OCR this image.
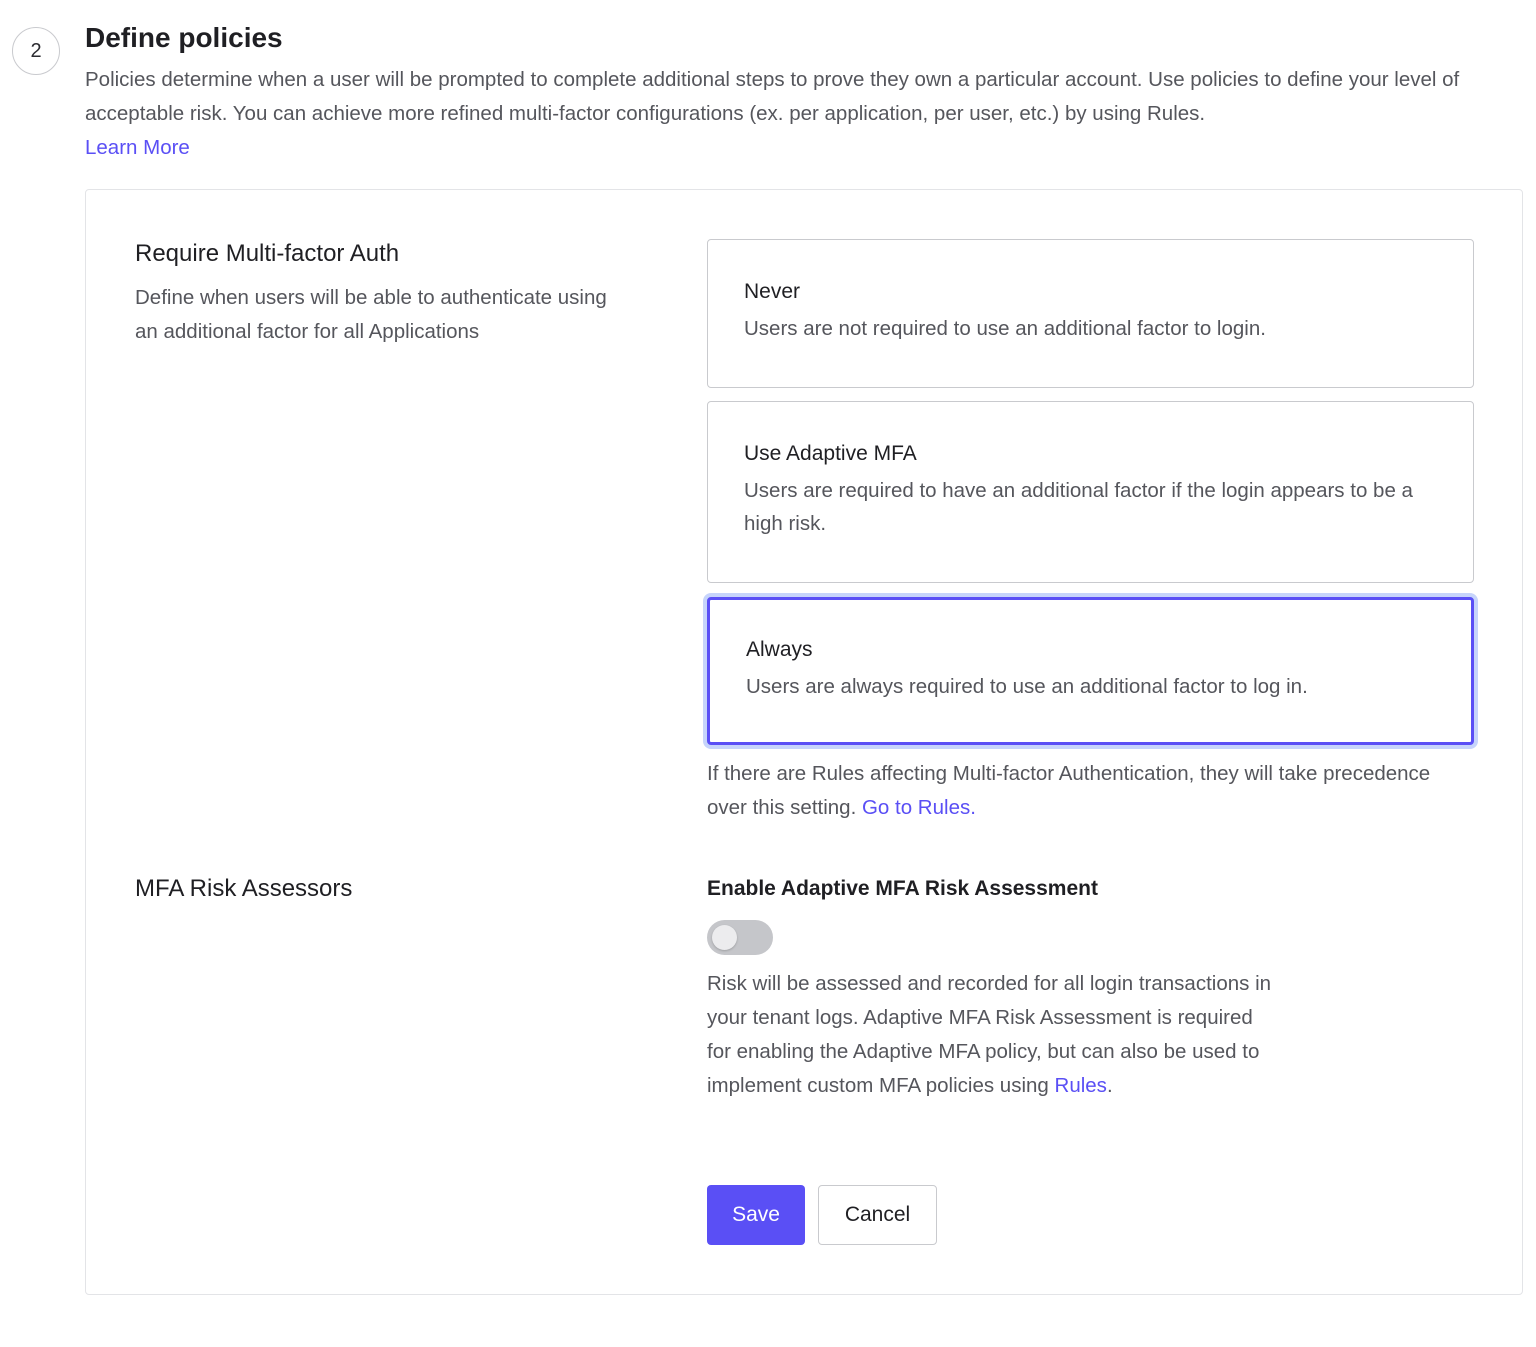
2	Define policies
Policies determine when a user will be prompted to complete additional steps to prove they own a particular account. Use policies to define your level of acceptable risk. You can achieve more refined multi-factor configurations (ex. per application, per user, etc.) by using Rules.
Learn More
Require Multi-factor Auth
Define when users will be able to authenticate using an additional factor for all Applications
Never
Users are not required to use an additional factor to login.
Use Adaptive MFA
Users are required to have an additional factor if the login appears to be a high risk.
Always
Users are always required to use an additional factor to log in.
If there are Rules affecting Multi-factor Authentication, they will take precedence over this setting. Go to Rules.
MFA Risk Assessors	Enable Adaptive MFA Risk Assessment
Risk will be assessed and recorded for all login transactions in your tenant logs. Adaptive MFA Risk Assessment is required for enabling the Adaptive MFA policy, but can also be used to implement custom MFA policies using Rules.
Save	Cancel
